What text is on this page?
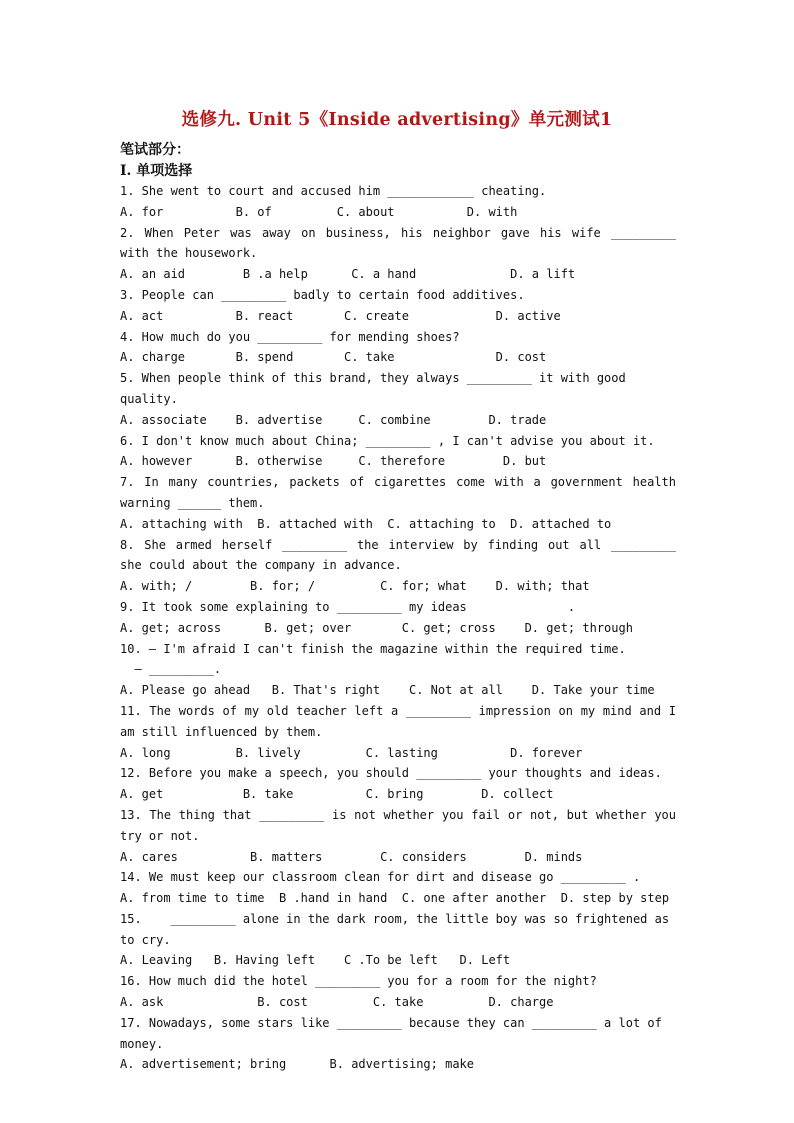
选修九. Unit 5《Inside advertising》单元测试1
笔试部分：
I. 单项选择
1. She went to court and accused him ____________ cheating.
A. for          B. of         C. about          D. with
2. When Peter was away on business, his neighbor gave his wife _________ with the housework.
A. an aid        B .a help      C. a hand             D. a lift
3. People can _________ badly to certain food additives.
A. act          B. react       C. create            D. active
4. How much do you _________ for mending shoes?
A. charge       B. spend       C. take              D. cost
5. When people think of this brand, they always _________ it with good quality.
A. associate    B. advertise     C. combine        D. trade
6. I don't know much about China; _________ , I can't advise you about it.
A. however      B. otherwise     C. therefore        D. but
7. In many countries, packets of cigarettes come with a government health warning ______ them.
A. attaching with  B. attached with  C. attaching to  D. attached to
8. She armed herself _________ the interview by finding out all _________ she could about the company in advance.
A. with; /        B. for; /         C. for; what    D. with; that
9. It took some explaining to _________ my ideas              .
A. get; across      B. get; over       C. get; cross    D. get; through
10. — I'm afraid I can't finish the magazine within the required time.
— _________.
A. Please go ahead   B. That's right    C. Not at all    D. Take your time
11. The words of my old teacher left a _________ impression on my mind and I am still influenced by them.
A. long         B. lively         C. lasting          D. forever
12. Before you make a speech, you should _________ your thoughts and ideas.
A. get           B. take          C. bring        D. collect
13. The thing that _________ is not whether you fail or not, but whether you try or not.
A. cares          B. matters        C. considers        D. minds
14. We must keep our classroom clean for dirt and disease go _________ .
A. from time to time  B .hand in hand  C. one after another  D. step by step
15.    _________ alone in the dark room, the little boy was so frightened as to cry.
A. Leaving   B. Having left    C .To be left   D. Left
16. How much did the hotel _________ you for a room for the night?
A. ask             B. cost         C. take         D. charge
17. Nowadays, some stars like _________ because they can _________ a lot of money.
A. advertisement; bring      B. advertising; make
